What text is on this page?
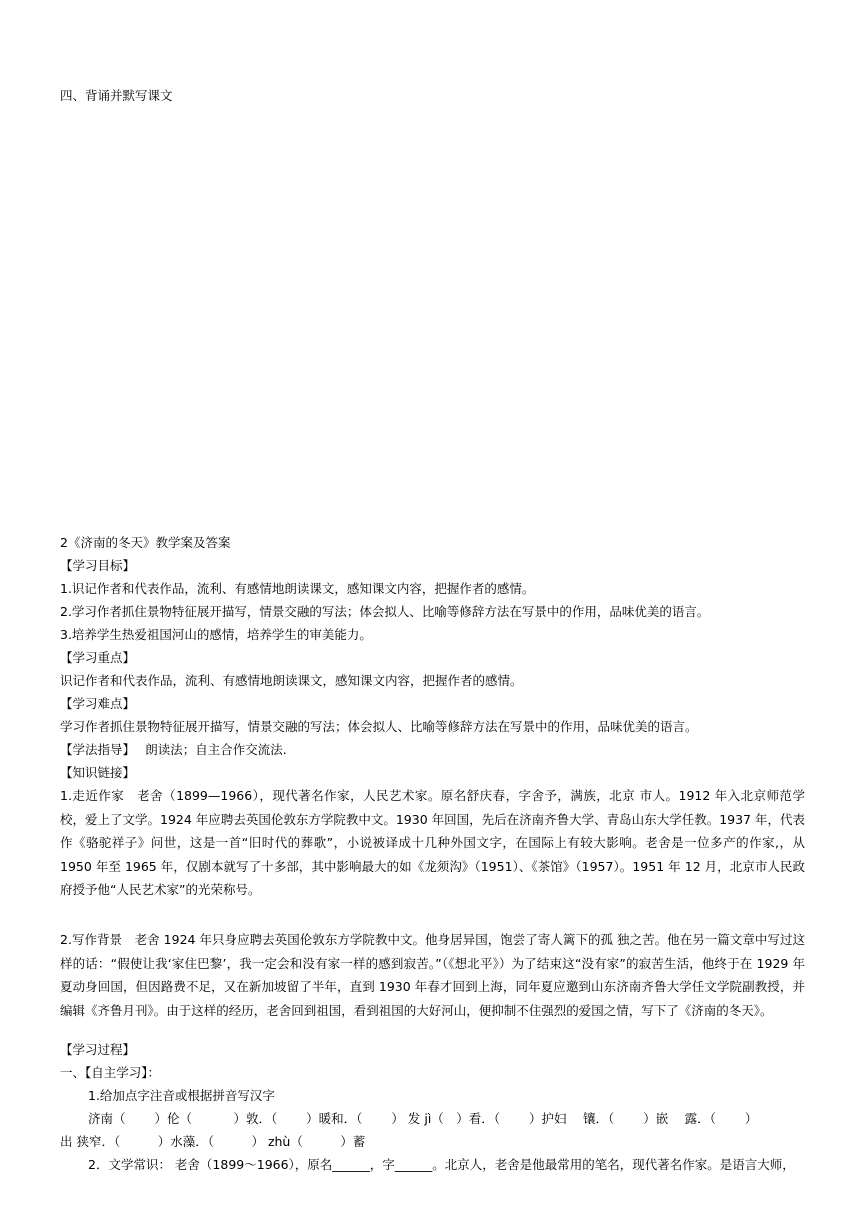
四、背诵并默写课文
2《济南的冬天》教学案及答案
【学习目标】
1.识记作者和代表作品，流利、有感情地朗读课文，感知课文内容，把握作者的感情。
2.学习作者抓住景物特征展开描写，情景交融的写法；体会拟人、比喻等修辞方法在写景中的作用，品味优美的语言。
3.培养学生热爱祖国河山的感情，培养学生的审美能力。
【学习重点】
识记作者和代表作品，流利、有感情地朗读课文，感知课文内容，把握作者的感情。
【学习难点】
学习作者抓住景物特征展开描写，情景交融的写法；体会拟人、比喻等修辞方法在写景中的作用，品味优美的语言。
【学法指导】　 朗读法；自主合作交流法.
【知识链接】
1.走近作家　老舍（1899—1966），现代著名作家，人民艺术家。原名舒庆春，字舍予，满族，北京 市人。1912 年入北京师范学校，爱上了文学。1924 年应聘去英国伦敦东方学院教中文。1930 年回国，先后在济南齐鲁大学、青岛山东大学任教。1937 年，代表作《骆驼祥子》问世，这是一首“旧时代的葬歌”，小说被译成十几种外国文字，在国际上有较大影响。老舍是一位多产的作家,，从 1950 年至 1965 年，仅剧本就写了十多部，其中影响最大的如《龙须沟》（1951）、《茶馆》（1957）。1951 年 12 月，北京市人民政府授予他“人民艺术家”的光荣称号。
2.写作背景　老舍 1924 年只身应聘去英国伦敦东方学院教中文。他身居异国，饱尝了寄人篱下的孤 独之苦。他在另一篇文章中写过这样的话：“假使让我‘家住巴黎’，我一定会和没有家一样的感到寂苦。”（《想北平》）为了结束这“没有家”的寂苦生活，他终于在 1929 年夏动身回国，但因路费不足，又在新加坡留了半年，直到 1930 年春才回到上海，同年夏应邀到山东济南齐鲁大学任文学院副教授，并编辑《齐鲁月刊》。由于这样的经历，老舍回到祖国，看到祖国的大好河山，便抑制不住强烈的爱国之情，写下了《济南的冬天》。
【学习过程】
一、【自主学习】：
1.给加点字注音或根据拼音写汉字
济南（　　 ）伦（　　　 ）敦．（　　 ）暖和．（　　 ） 发 jì（　）看．（　　 ）护妇　 镶．（　　 ）嵌　 露．（　　 ）
出 狭窄．（　　　）水藻．（　　　） zhù（　　　）蓄
2．文学常识： 老舍（1899～1966），原名______，字______。北京人，老舍是他最常用的笔名，现代著名作家。是语言大师，
